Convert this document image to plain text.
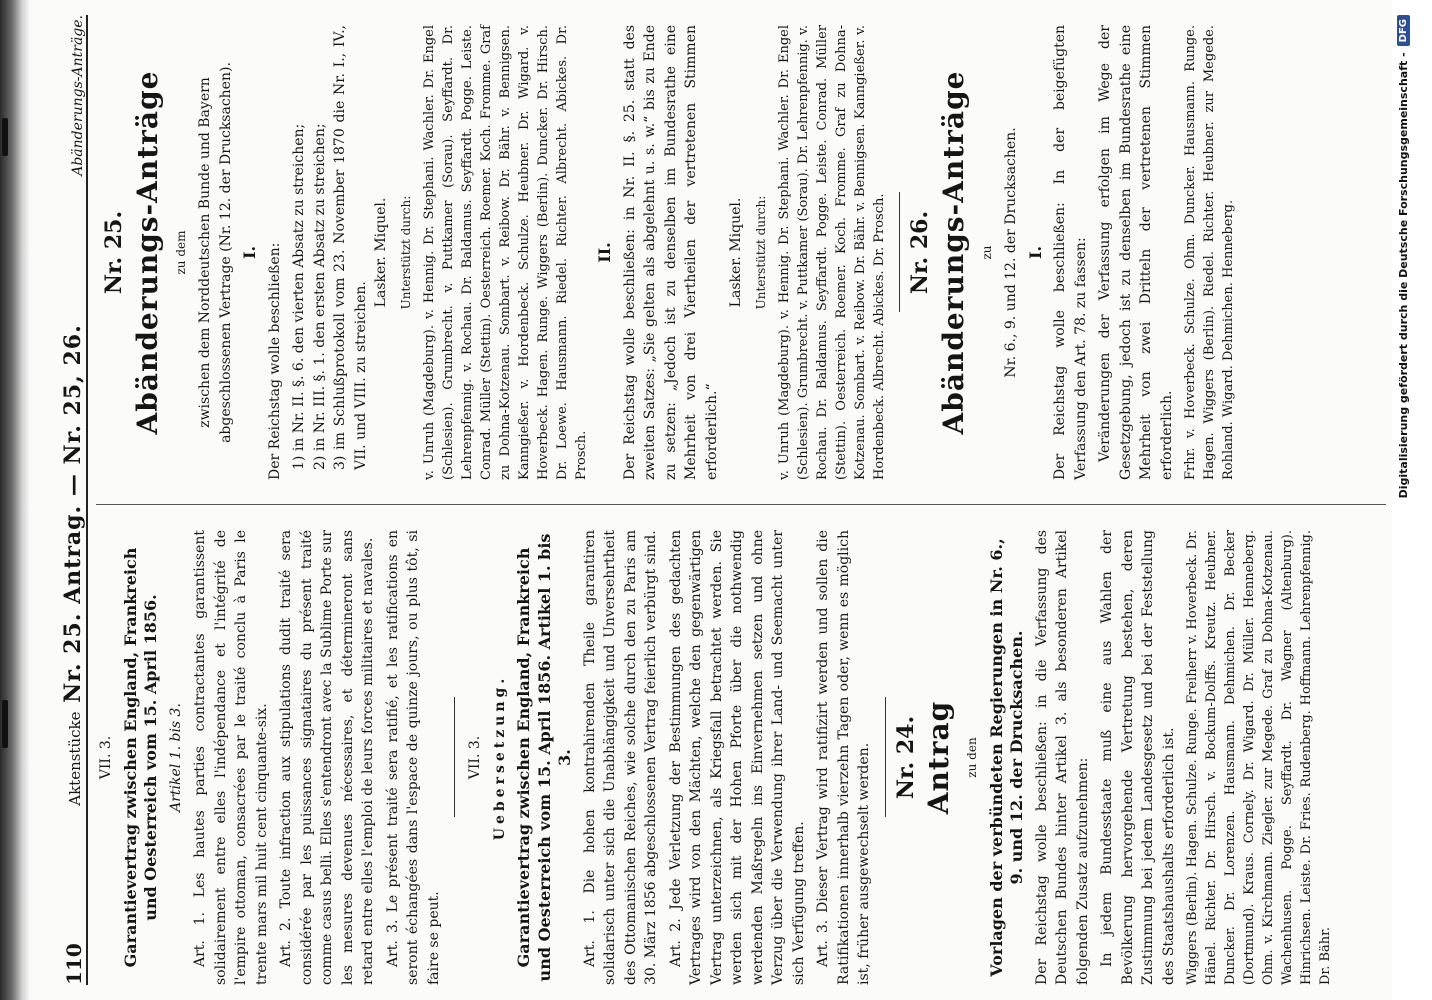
110
Aktenstücke Nr. 25. Antrag. — Nr. 25, 26.
Abänderungs-Anträge.

VII. 3. Garantievertrag zwischen England, Frankreich und Oesterreich vom 15. April 1856. Artikel 1. bis 3. Art. 1. Les hautes parties contractantes garantissent solidairement entre elles l'indépendance et l'intégrité de l'empire ottoman, consacrées par le traité conclu à Paris le trente mars mil huit cent cinquante-six. Art. 2. Toute infraction aux stipulations dudit traité sera considérée par les puissances signataires du présent traité comme casus belli. Elles s'entendront avec la Sublime Porte sur les mesures devenues nécessaires, et détermineront sans retard entre elles l'emploi de leurs forces militaires et navales. Art. 3. Le présent traité sera ratifié, et les ratifications en seront échangées dans l'espace de quinze jours, ou plus tôt, si faire se peut.

VII. 3. Uebersetzung. Garantievertrag zwischen England, Frankreich und Oesterreich vom 15. April 1856. Artikel 1. bis 3. Art. 1. Die hohen kontrahirenden Theile garantiren solidarisch unter sich die Unabhängigkeit und Unversehrtheit des Ottomanischen Reiches, wie solche durch den zu Paris am 30. März 1856 abgeschlossenen Vertrag feierlich verbürgt sind. Art. 2. Jede Verletzung der Bestimmungen des gedachten Vertrages wird von den Mächten, welche den gegenwärtigen Vertrag unterzeichnen, als Kriegsfall betrachtet werden. Sie werden sich mit der Hohen Pforte über die nothwendig werdenden Maßregeln ins Einvernehmen setzen und ohne Verzug über die Verwendung ihrer Land- und Seemacht unter sich Verfügung treffen. Art. 3. Dieser Vertrag wird ratifizirt werden und sollen die Ratifikationen innerhalb vierzehn Tagen oder, wenn es möglich ist, früher ausgewechselt werden. Nr. 24. Antrag zu den Vorlagen der verbündeten Regierungen in Nr. 6., 9. und 12. der Drucksachen. Der Reichstag wolle beschließen: in die Verfassung des Deutschen Bundes hinter Artikel 3. als besonderen Artikel folgenden Zusatz aufzunehmen: In jedem Bundesstaate muß eine aus Wahlen der Bevölkerung hervorgehende Vertretung bestehen, deren Zustimmung bei jedem Landesgesetz und bei der Feststellung des Staatshaushalts erforderlich ist. Wiggers (Berlin). Hagen. Schulze. Runge. Freiherr v. Hoverbeck. Dr. Hänel. Richter. Dr. Hirsch. v. Bockum-Dolffs. Kreutz. Heubner. Duncker. Dr. Lorenzen. Hausmann. Dehmichen. Dr. Becker (Dortmund). Kraus. Cornely. Dr. Wigard. Dr. Müller. Henneberg. Ohm. v. Kirchmann. Ziegler. zur Megede. Graf zu Dohna-Kotzenau. Wachenhusen. Pogge. Seyffardt. Dr. Wagner (Altenburg). Hinrichsen. Leiste. Dr. Fries. Rudenberg. Hoffmann. Lehrenpfennig. Dr. Bähr.

Nr. 25. Abänderungs-Anträge zu dem zwischen dem Norddeutschen Bunde und Bayern abgeschlossenen Vertrage (Nr. 12. der Drucksachen). I. Der Reichstag wolle beschließen: 1) in Nr. II. §. 6. den vierten Absatz zu streichen; 2) in Nr. III. §. 1. den ersten Absatz zu streichen; 3) im Schlußprotokoll vom 23. November 1870 die Nr. I., IV., VII. und VIII. zu streichen.

Lasker. Miquel. Unterstützt durch: v. Unruh (Magdeburg). v. Hennig. Dr. Stephani. Wachler. Dr. Engel (Schlesien). Grumbrecht. v. Puttkamer (Sorau). Seyffardt. Dr. Lehrenpfennig. v. Rochau. Dr. Baldamus. Seyffardt. Pogge. Leiste. Conrad. Müller (Stettin). Oesterreich. Roemer. Koch. Fromme. Graf zu Dohna-Kotzenau. Sombart. v. Reibow. Dr. Bähr. v. Bennigsen. Kanngießer. v. Hordenbeck. Schulze. Heubner. Dr. Wigard. v. Hoverbeck. Hagen. Runge. Wiggers (Berlin). Duncker. Dr. Hirsch. Dr. Loewe. Hausmann. Riedel. Richter. Albrecht. Abickes. Dr. Prosch.

II. Der Reichstag wolle beschließen: in Nr. II. §. 25. statt des zweiten Satzes: „Sie gelten als abgelehnt u. s. w.“ bis zu Ende zu setzen: „Jedoch ist zu denselben im Bundesrathe eine Mehrheit von drei Viertheilen der vertretenen Stimmen erforderlich.“

Lasker. Miquel. Unterstützt durch: v. Unruh (Magdeburg). v. Hennig. Dr. Stephani. Wachler. Dr. Engel (Schlesien). Grumbrecht. v. Puttkamer (Sorau). Dr. Lehrenpfennig. v. Rochau. Dr. Baldamus. Seyffardt. Pogge. Leiste. Conrad. Müller (Stettin). Oesterreich. Roemer. Koch. Fromme. Graf zu Dohna-Kotzenau. Sombart. v. Reibow. Dr. Bähr. v. Bennigsen. Kanngießer. v. Hordenbeck. Albrecht. Abickes. Dr. Prosch. Nr. 26. Abänderungs-Anträge zu Nr. 6., 9. und 12. der Drucksachen. I. Der Reichstag wolle beschließen: In der beigefügten Verfassung den Art. 78. zu fassen: Veränderungen der Verfassung erfolgen im Wege der Gesetzgebung, jedoch ist zu denselben im Bundesrathe eine Mehrheit von zwei Dritteln der vertretenen Stimmen erforderlich. Frhr. v. Hoverbeck. Schulze. Ohm. Duncker. Hausmann. Runge. Hagen. Wiggers (Berlin). Riedel. Richter. Heubner. zur Megede. Rohland. Wigard. Dehmichen. Henneberg.	Digitalisierung gefördert durch die Deutsche Forschungsgemeinschaft -
DFG
